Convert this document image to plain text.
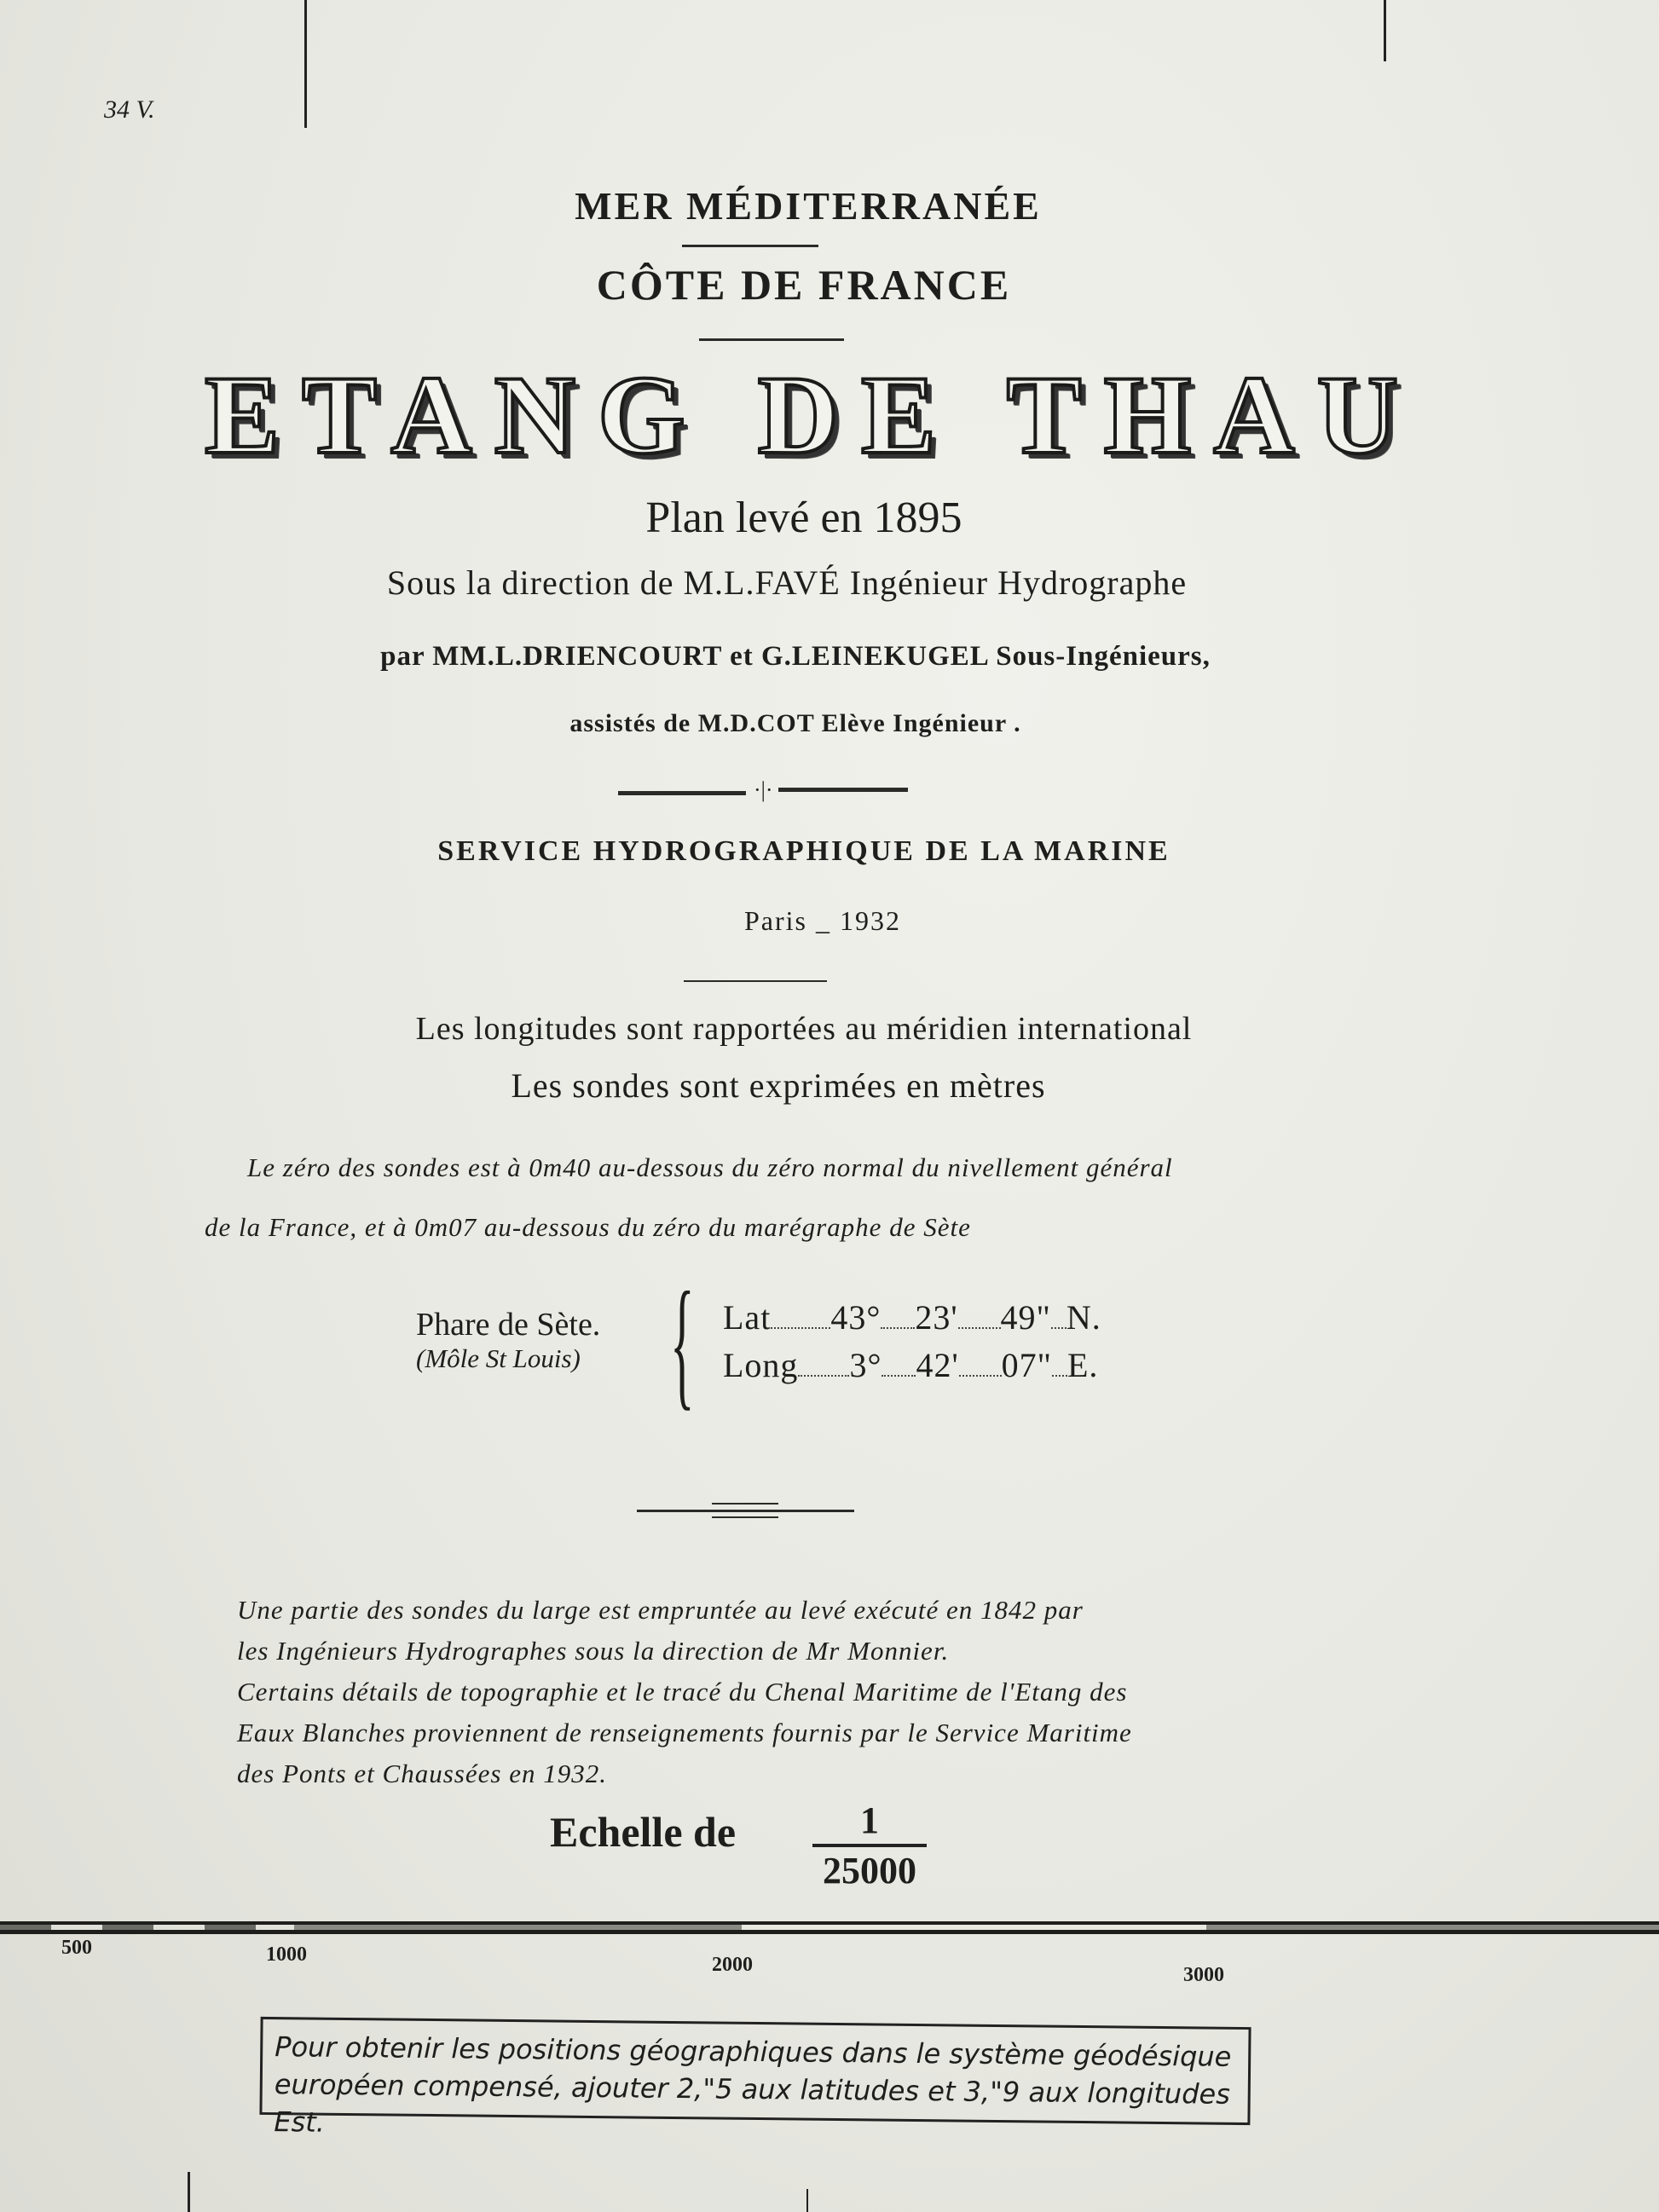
34 V.
MER MÉDITERRANÉE
CÔTE DE FRANCE
ETANG DE THAU
Plan levé en 1895
Sous la direction de M.L.FAVÉ Ingénieur Hydrographe
par MM.L.DRIENCOURT et G.LEINEKUGEL Sous-Ingénieurs,
assistés de M.D.COT Elève Ingénieur .
·|·
SERVICE HYDROGRAPHIQUE DE LA MARINE
Paris _ 1932
Les longitudes sont rapportées au méridien international
Les sondes sont exprimées en mètres
Le zéro des sondes est à 0m40 au-dessous du zéro normal du nivellement général
de la France, et à 0m07 au-dessous du zéro du marégraphe de Sète
Phare de Sète.
(Môle St Louis) { Lat 43° 23' 49" N.
Long 3° 42' 07" E.
Une partie des sondes du large est empruntée au levé exécuté en 1842 par
les Ingénieurs Hydrographes sous la direction de Mr Monnier.
Certains détails de topographie et le tracé du Chenal Maritime de l'Etang des
Eaux Blanches proviennent de renseignements fournis par le Service Maritime
des Ponts et Chaussées en 1932.
Echelle de	1
25000
500	1000	2000	3000
Pour obtenir les positions géographiques dans le système géodésique
européen compensé, ajouter 2,"5 aux latitudes et 3,"9 aux longitudes Est.
